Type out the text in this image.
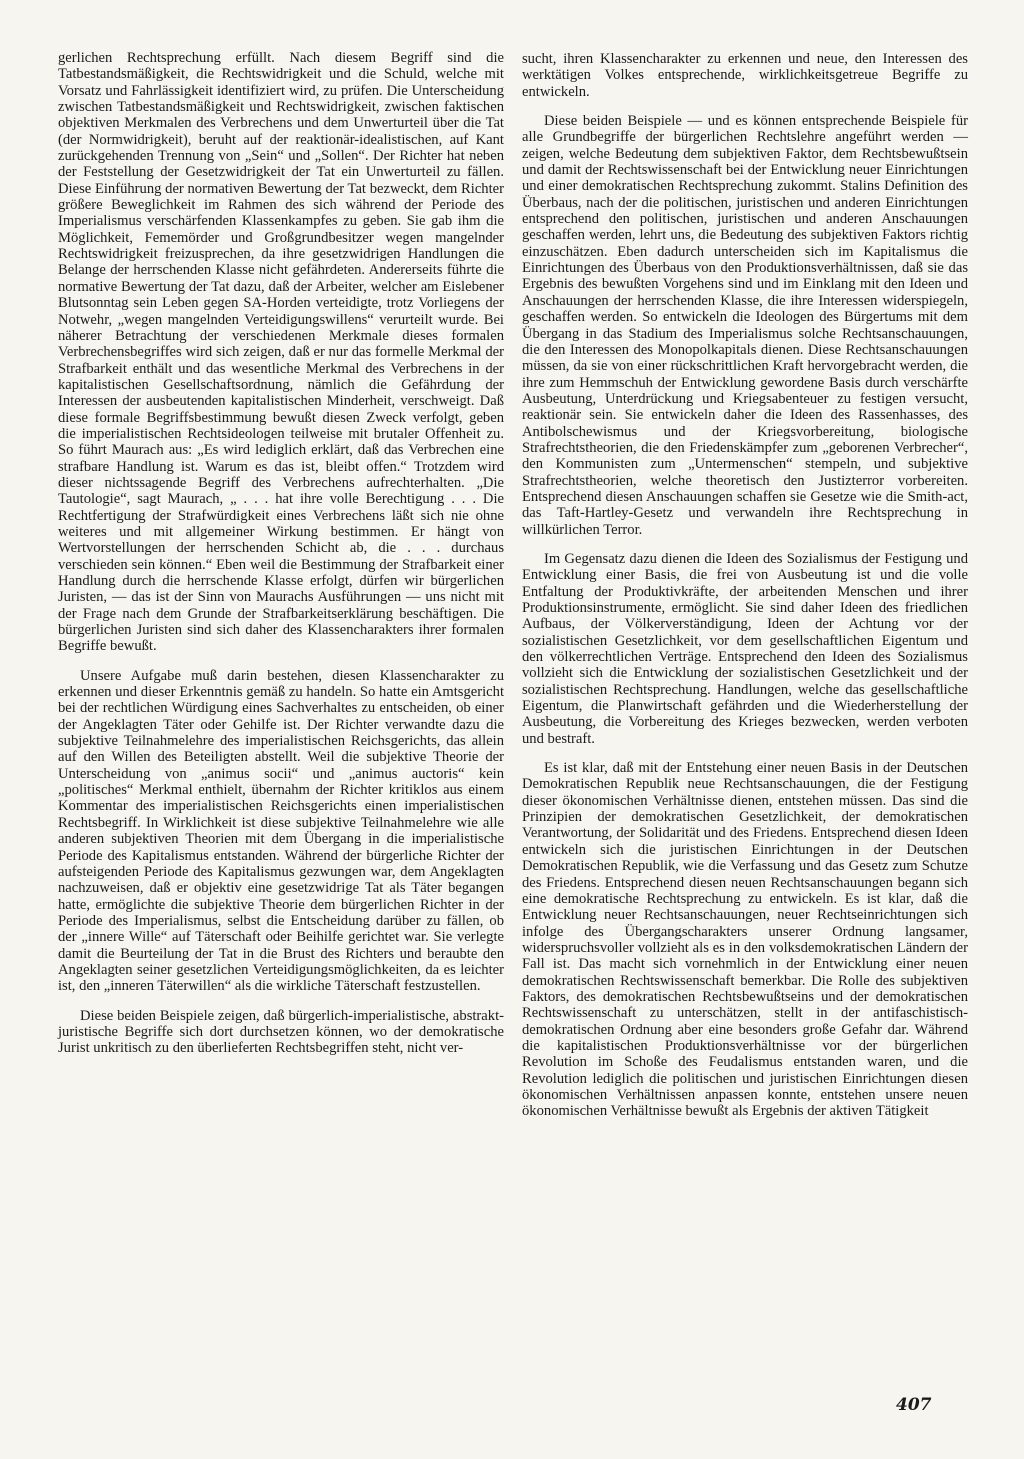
gerlichen Rechtsprechung erfüllt. Nach diesem Begriff sind die Tatbestandsmäßigkeit, die Rechtswidrigkeit und die Schuld, welche mit Vorsatz und Fahrlässigkeit identifiziert wird, zu prüfen. Die Unterscheidung zwischen Tatbestandsmäßigkeit und Rechtswidrigkeit, zwischen faktischen objektiven Merkmalen des Verbrechens und dem Unwerturteil über die Tat (der Normwidrigkeit), beruht auf der reaktionär-idealistischen, auf Kant zurückgehenden Trennung von „Sein“ und „Sollen“. Der Richter hat neben der Feststellung der Gesetzwidrigkeit der Tat ein Unwerturteil zu fällen. Diese Einführung der normativen Bewertung der Tat bezweckt, dem Richter größere Beweglichkeit im Rahmen des sich während der Periode des Imperialismus verschärfenden Klassenkampfes zu geben. Sie gab ihm die Möglichkeit, Fememörder und Großgrundbesitzer wegen mangelnder Rechtswidrigkeit freizusprechen, da ihre gesetzwidrigen Handlungen die Belange der herrschenden Klasse nicht gefährdeten. Andererseits führte die normative Bewertung der Tat dazu, daß der Arbeiter, welcher am Eislebener Blutsonntag sein Leben gegen SA-Horden verteidigte, trotz Vorliegens der Notwehr, „wegen mangelnden Verteidigungswillens“ verurteilt wurde. Bei näherer Betrachtung der verschiedenen Merkmale dieses formalen Verbrechensbegriffes wird sich zeigen, daß er nur das formelle Merkmal der Strafbarkeit enthält und das wesentliche Merkmal des Verbrechens in der kapitalistischen Gesellschaftsordnung, nämlich die Gefährdung der Interessen der ausbeutenden kapitalistischen Minderheit, verschweigt. Daß diese formale Begriffsbestimmung bewußt diesen Zweck verfolgt, geben die imperialistischen Rechtsideologen teilweise mit brutaler Offenheit zu. So führt Maurach aus: „Es wird lediglich erklärt, daß das Verbrechen eine strafbare Handlung ist. Warum es das ist, bleibt offen.“ Trotzdem wird dieser nichtssagende Begriff des Verbrechens aufrechterhalten. „Die Tautologie“, sagt Maurach, „ . . . hat ihre volle Berechtigung . . . Die Rechtfertigung der Strafwürdigkeit eines Verbrechens läßt sich nie ohne weiteres und mit allgemeiner Wirkung bestimmen. Er hängt von Wertvorstellungen der herrschenden Schicht ab, die . . . durchaus verschieden sein können.“ Eben weil die Bestimmung der Strafbarkeit einer Handlung durch die herrschende Klasse erfolgt, dürfen wir bürgerlichen Juristen, — das ist der Sinn von Maurachs Ausführungen — uns nicht mit der Frage nach dem Grunde der Strafbarkeitserklärung beschäftigen. Die bürgerlichen Juristen sind sich daher des Klassencharakters ihrer formalen Begriffe bewußt.

Unsere Aufgabe muß darin bestehen, diesen Klassencharakter zu erkennen und dieser Erkenntnis gemäß zu handeln. So hatte ein Amtsgericht bei der rechtlichen Würdigung eines Sachverhaltes zu entscheiden, ob einer der Angeklagten Täter oder Gehilfe ist. Der Richter verwandte dazu die subjektive Teilnahmelehre des imperialistischen Reichsgerichts, das allein auf den Willen des Beteiligten abstellt. Weil die subjektive Theorie der Unterscheidung von „animus socii“ und „animus auctoris“ kein „politisches“ Merkmal enthielt, übernahm der Richter kritiklos aus einem Kommentar des imperialistischen Reichsgerichts einen imperialistischen Rechtsbegriff. In Wirklichkeit ist diese subjektive Teilnahmelehre wie alle anderen subjektiven Theorien mit dem Übergang in die imperialistische Periode des Kapitalismus entstanden. Während der bürgerliche Richter der aufsteigenden Periode des Kapitalismus gezwungen war, dem Angeklagten nachzuweisen, daß er objektiv eine gesetzwidrige Tat als Täter begangen hatte, ermöglichte die subjektive Theorie dem bürgerlichen Richter in der Periode des Imperialismus, selbst die Entscheidung darüber zu fällen, ob der „innere Wille“ auf Täterschaft oder Beihilfe gerichtet war. Sie verlegte damit die Beurteilung der Tat in die Brust des Richters und beraubte den Angeklagten seiner gesetzlichen Verteidigungsmöglichkeiten, da es leichter ist, den „inneren Täterwillen“ als die wirkliche Täterschaft festzustellen.

Diese beiden Beispiele zeigen, daß bürgerlich-imperialistische, abstrakt-juristische Begriffe sich dort durchsetzen können, wo der demokratische Jurist unkritisch zu den überlieferten Rechtsbegriffen steht, nicht ver-

sucht, ihren Klassencharakter zu erkennen und neue, den Interessen des werktätigen Volkes entsprechende, wirklichkeitsgetreue Begriffe zu entwickeln.

Diese beiden Beispiele — und es können entsprechende Beispiele für alle Grundbegriffe der bürgerlichen Rechtslehre angeführt werden — zeigen, welche Bedeutung dem subjektiven Faktor, dem Rechtsbewußtsein und damit der Rechtswissenschaft bei der Entwicklung neuer Einrichtungen und einer demokratischen Rechtsprechung zukommt. Stalins Definition des Überbaus, nach der die politischen, juristischen und anderen Einrichtungen entsprechend den politischen, juristischen und anderen Anschauungen geschaffen werden, lehrt uns, die Bedeutung des subjektiven Faktors richtig einzuschätzen. Eben dadurch unterscheiden sich im Kapitalismus die Einrichtungen des Überbaus von den Produktionsverhältnissen, daß sie das Ergebnis des bewußten Vorgehens sind und im Einklang mit den Ideen und Anschauungen der herrschenden Klasse, die ihre Interessen widerspiegeln, geschaffen werden. So entwickeln die Ideologen des Bürgertums mit dem Übergang in das Stadium des Imperialismus solche Rechtsanschauungen, die den Interessen des Monopolkapitals dienen. Diese Rechtsanschauungen müssen, da sie von einer rückschrittlichen Kraft hervorgebracht werden, die ihre zum Hemmschuh der Entwicklung gewordene Basis durch verschärfte Ausbeutung, Unterdrückung und Kriegsabenteuer zu festigen versucht, reaktionär sein. Sie entwickeln daher die Ideen des Rassenhasses, des Antibolschewismus und der Kriegsvorbereitung, biologische Strafrechtstheorien, die den Friedenskämpfer zum „geborenen Verbrecher“, den Kommunisten zum „Untermenschen“ stempeln, und subjektive Strafrechtstheorien, welche theoretisch den Justizterror vorbereiten. Entsprechend diesen Anschauungen schaffen sie Gesetze wie die Smith-act, das Taft-Hartley-Gesetz und verwandeln ihre Rechtsprechung in willkürlichen Terror.

Im Gegensatz dazu dienen die Ideen des Sozialismus der Festigung und Entwicklung einer Basis, die frei von Ausbeutung ist und die volle Entfaltung der Produktivkräfte, der arbeitenden Menschen und ihrer Produktionsinstrumente, ermöglicht. Sie sind daher Ideen des friedlichen Aufbaus, der Völkerverständigung, Ideen der Achtung vor der sozialistischen Gesetzlichkeit, vor dem gesellschaftlichen Eigentum und den völkerrechtlichen Verträge. Entsprechend den Ideen des Sozialismus vollzieht sich die Entwicklung der sozialistischen Gesetzlichkeit und der sozialistischen Rechtsprechung. Handlungen, welche das gesellschaftliche Eigentum, die Planwirtschaft gefährden und die Wiederherstellung der Ausbeutung, die Vorbereitung des Krieges bezwecken, werden verboten und bestraft.

Es ist klar, daß mit der Entstehung einer neuen Basis in der Deutschen Demokratischen Republik neue Rechtsanschauungen, die der Festigung dieser ökonomischen Verhältnisse dienen, entstehen müssen. Das sind die Prinzipien der demokratischen Gesetzlichkeit, der demokratischen Verantwortung, der Solidarität und des Friedens. Entsprechend diesen Ideen entwickeln sich die juristischen Einrichtungen in der Deutschen Demokratischen Republik, wie die Verfassung und das Gesetz zum Schutze des Friedens. Entsprechend diesen neuen Rechtsanschauungen begann sich eine demokratische Rechtsprechung zu entwickeln. Es ist klar, daß die Entwicklung neuer Rechtsanschauungen, neuer Rechtseinrichtungen sich infolge des Übergangscharakters unserer Ordnung langsamer, widerspruchsvoller vollzieht als es in den volksdemokratischen Ländern der Fall ist. Das macht sich vornehmlich in der Entwicklung einer neuen demokratischen Rechtswissenschaft bemerkbar. Die Rolle des subjektiven Faktors, des demokratischen Rechtsbewußtseins und der demokratischen Rechtswissenschaft zu unterschätzen, stellt in der antifaschistisch-demokratischen Ordnung aber eine besonders große Gefahr dar. Während die kapitalistischen Produktionsverhältnisse vor der bürgerlichen Revolution im Schoße des Feudalismus entstanden waren, und die Revolution lediglich die politischen und juristischen Einrichtungen diesen ökonomischen Verhältnissen anpassen konnte, entstehen unsere neuen ökonomischen Verhältnisse bewußt als Ergebnis der aktiven Tätigkeit

407
